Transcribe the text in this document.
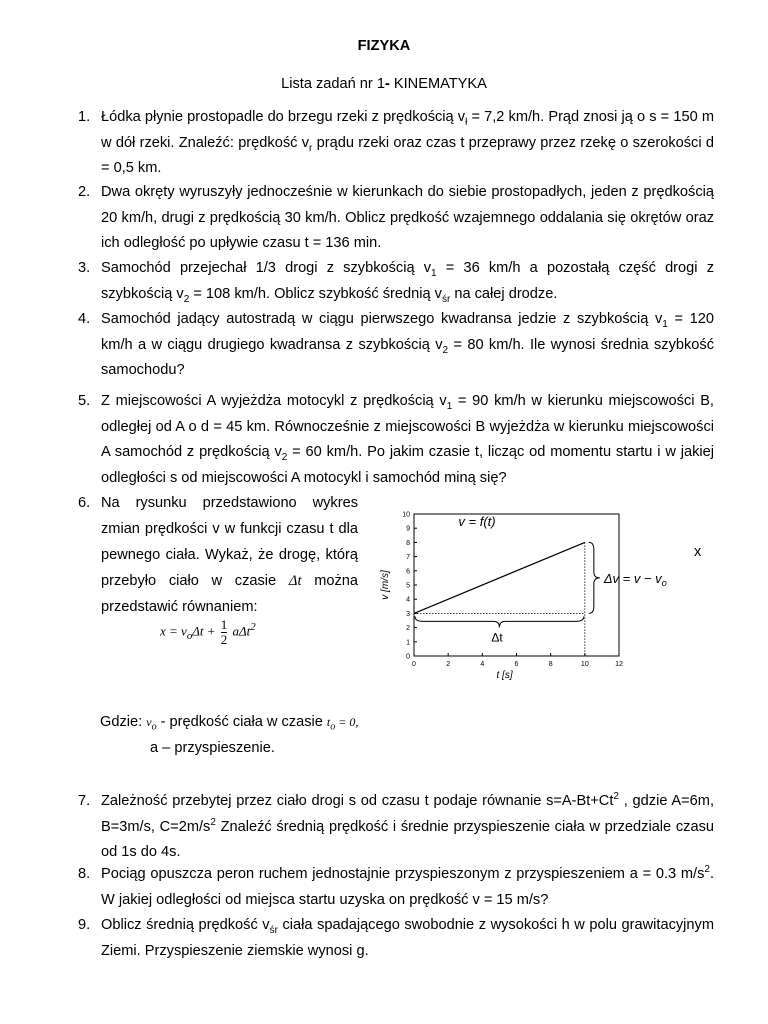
FIZYKA
Lista zadań nr 1- KINEMATYKA
1. Łódka płynie prostopadle do brzegu rzeki z prędkością $v_ł = 7,2$ km/h. Prąd znosi ją o s = 150 m w dół rzeki. Znaleźć: prędkość $v_r$ prądu rzeki oraz czas t przeprawy przez rzekę o szerokości d = 0,5 km.
2. Dwa okręty wyruszyły jednocześnie w kierunkach do siebie prostopadłych, jeden z prędkością 20 km/h, drugi z prędkością 30 km/h. Oblicz prędkość wzajemnego oddalania się okrętów oraz ich odległość po upływie czasu t = 136 min.
3. Samochód przejechał 1/3 drogi z szybkością $v_1 = 36$ km/h a pozostałą część drogi z szybkością $v_2 = 108$ km/h. Oblicz szybkość średnią $v_{śr}$ na całej drodze.
4. Samochód jadący autostradą w ciągu pierwszego kwadransa jedzie z szybkością $v_1 = 120$ km/h a w ciągu drugiego kwadransa z szybkością $v_2 = 80$ km/h. Ile wynosi średnia szybkość samochodu?
5. Z miejscowości A wyjeżdża motocykl z prędkością $v_1 = 90$ km/h w kierunku miejscowości B, odległej od A o d = 45 km. Równocześnie z miejscowości B wyjeżdża w kierunku miejscowości A samochód z prędkością $v_2 = 60$ km/h. Po jakim czasie t, licząc od momentu startu i w jakiej odległości s od miejscowości A motocykl i samochód miną się?
6. Na rysunku przedstawiono wykres zmian prędkości v w funkcji czasu t dla pewnego ciała. Wykaż, że drogę, którą przebyło ciało w czasie Δt można przedstawić równaniem:
$x = v_o\Delta t + \frac{1}{2} a\Delta t^2$
Gdzie: $v_o$ - prędkość ciała w czasie $t_o = 0$,
a – przyspieszenie.
x
0	2	4	6	8	10	12
0
1
2
3
4
5
6
7
8
9
10
t [s]
v [m/s]
Δt
$\Delta v = v - v_o$
v = f(t)
7. Zależność przebytej przez ciało drogi s od czasu t podaje równanie $s=A-Bt+Ct^2$ , gdzie A=6m, B=3m/s, $C=2m/s^2$ Znaleźć średnią prędkość i średnie przyspieszenie ciała w przedziale czasu od 1s do 4s.
8. Pociąg opuszcza peron ruchem jednostajnie przyspieszonym z przyspieszeniem a = 0.3 $m/s^2$. W jakiej odległości od miejsca startu uzyska on prędkość v = 15 m/s?
9. Oblicz średnią prędkość $v_{śr}$ ciała spadającego swobodnie z wysokości h w polu grawitacyjnym Ziemi. Przyspieszenie ziemskie wynosi g.
